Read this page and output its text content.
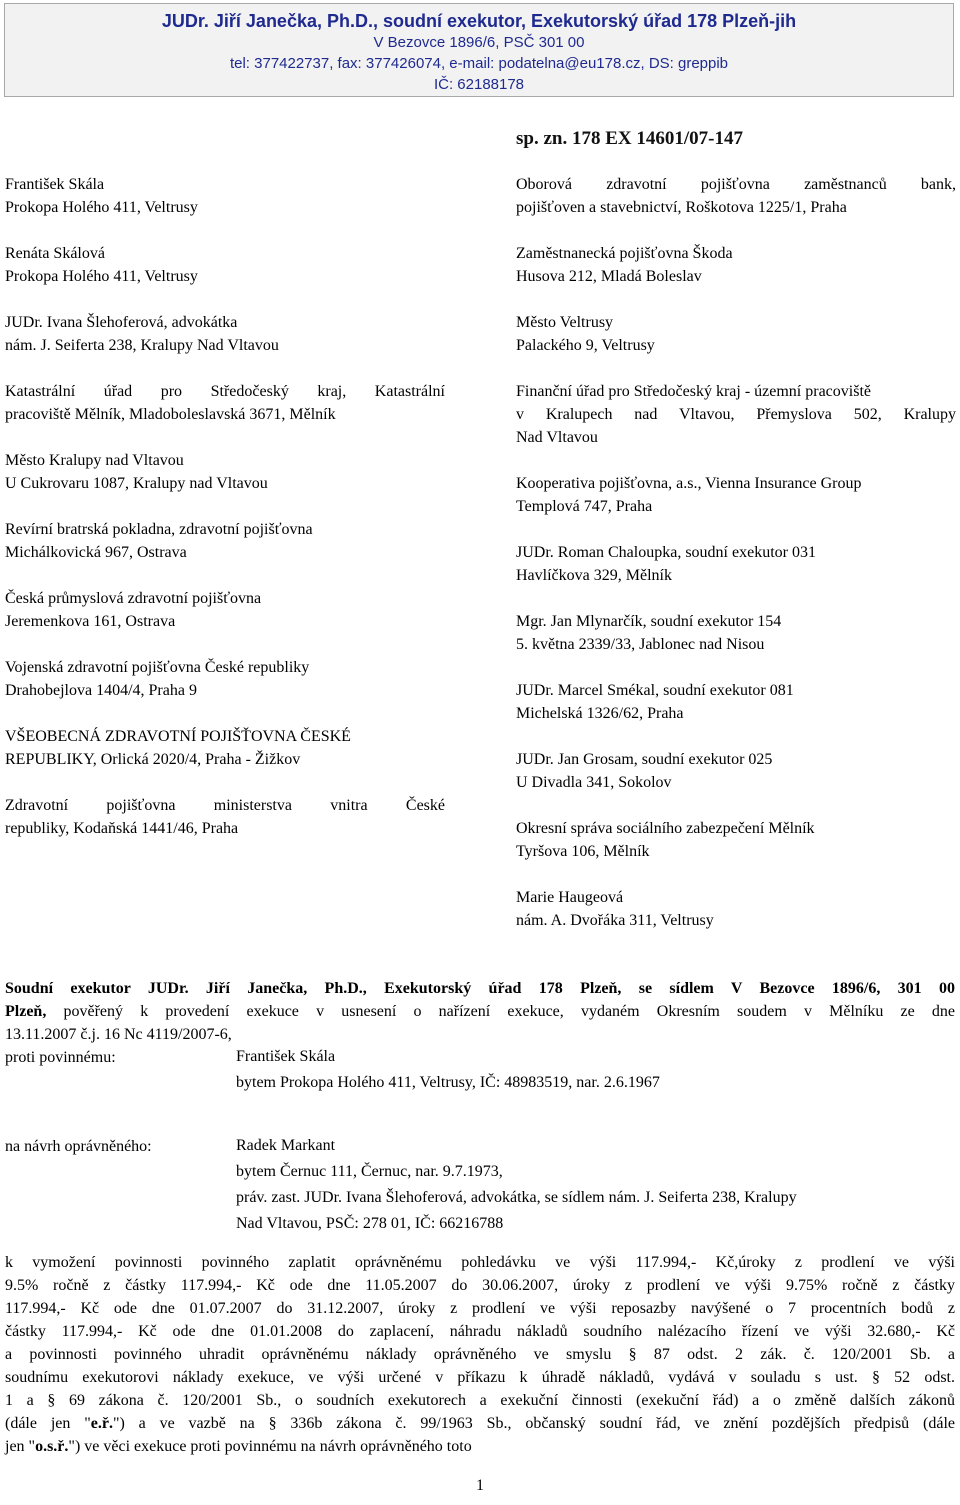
JUDr. Jiří Janečka, Ph.D., soudní exekutor, Exekutorský úřad 178 Plzeň-jih
V Bezovce 1896/6, PSČ 301 00
tel: 377422737, fax: 377426074, e-mail: podatelna@eu178.cz, DS: greppib
IČ: 62188178
sp. zn. 178 EX 14601/07-147
František Skála
Prokopa Holého 411, Veltrusy
Renáta Skálová
Prokopa Holého 411, Veltrusy
JUDr. Ivana Šlehoferová, advokátka
nám. J. Seiferta 238, Kralupy Nad Vltavou
Katastrální úřad pro Středočeský kraj, Katastrální
pracoviště Mělník, Mladoboleslavská 3671, Mělník
Město Kralupy nad Vltavou
U Cukrovaru 1087, Kralupy nad Vltavou
Revírní bratrská pokladna, zdravotní pojišťovna
Michálkovická 967, Ostrava
Česká průmyslová zdravotní pojišťovna
Jeremenkova 161, Ostrava
Vojenská zdravotní pojišťovna České republiky
Drahobejlova 1404/4, Praha 9
VŠEOBECNÁ ZDRAVOTNÍ POJIŠŤOVNA ČESKÉ
REPUBLIKY, Orlická 2020/4, Praha - Žižkov
Zdravotní pojišťovna ministerstva vnitra České
republiky, Kodaňská 1441/46, Praha
Oborová zdravotní pojišťovna zaměstnanců bank,
pojišťoven a stavebnictví, Roškotova 1225/1, Praha
Zaměstnanecká pojišťovna Škoda
Husova 212, Mladá Boleslav
Město Veltrusy
Palackého 9, Veltrusy
Finanční úřad pro Středočeský kraj - územní pracoviště
v Kralupech nad Vltavou, Přemyslova 502, Kralupy
Nad Vltavou
Kooperativa pojišťovna, a.s., Vienna Insurance Group
Templová 747, Praha
JUDr. Roman Chaloupka, soudní exekutor 031
Havlíčkova 329, Mělník
Mgr. Jan Mlynarčík, soudní exekutor 154
5. května 2339/33, Jablonec nad Nisou
JUDr. Marcel Smékal, soudní exekutor 081
Michelská 1326/62, Praha
JUDr. Jan Grosam, soudní exekutor 025
U Divadla 341, Sokolov
Okresní správa sociálního zabezpečení Mělník
Tyršova 106, Mělník
Marie Haugeová
nám. A. Dvořáka 311, Veltrusy
Soudní exekutor JUDr. Jiří Janečka, Ph.D., Exekutorský úřad 178 Plzeň, se sídlem V Bezovce 1896/6, 301 00
Plzeň, pověřený k provedení exekuce v usnesení o nařízení exekuce, vydaném Okresním soudem v Mělníku ze dne
13.11.2007 č.j. 16 Nc 4119/2007-6,
proti povinnému:	František Skála
bytem Prokopa Holého 411, Veltrusy, IČ: 48983519, nar. 2.6.1967
na návrh oprávněného:	Radek Markant
bytem Černuc 111, Černuc, nar. 9.7.1973,
práv. zast. JUDr. Ivana Šlehoferová, advokátka, se sídlem nám. J. Seiferta 238, Kralupy
Nad Vltavou, PSČ: 278 01, IČ: 66216788
k vymožení povinnosti povinného zaplatit oprávněnému pohledávku ve výši 117.994,- Kč,úroky z prodlení ve výši
9.5% ročně z částky 117.994,- Kč ode dne 11.05.2007 do 30.06.2007, úroky z prodlení ve výši 9.75% ročně z částky
117.994,- Kč ode dne 01.07.2007 do 31.12.2007, úroky z prodlení ve výši reposazby navýšené o 7 procentních bodů z
částky 117.994,- Kč ode dne 01.01.2008 do zaplacení, náhradu nákladů soudního nalézacího řízení ve výši 32.680,- Kč
a povinnosti povinného uhradit oprávněnému náklady oprávněného ve smyslu § 87 odst. 2 zák. č. 120/2001 Sb. a
soudnímu exekutorovi náklady exekuce, ve výši určené v příkazu k úhradě nákladů, vydává v souladu s ust. § 52 odst.
1 a § 69 zákona č. 120/2001 Sb., o soudních exekutorech a exekuční činnosti (exekuční řád) a o změně dalších zákonů
(dále jen "e.ř.") a ve vazbě na § 336b zákona č. 99/1963 Sb., občanský soudní řád, ve znění pozdějších předpisů (dále
jen "o.s.ř.") ve věci exekuce proti povinnému na návrh oprávněného toto
1
